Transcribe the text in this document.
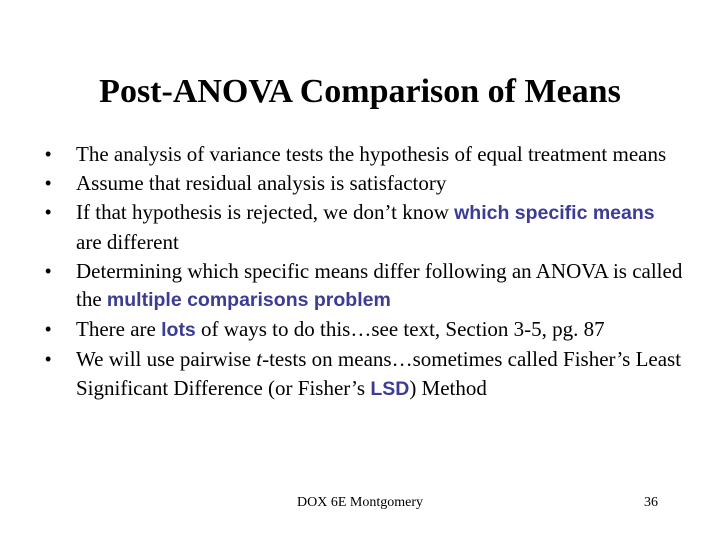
Post-ANOVA Comparison of Means
• The analysis of variance tests the hypothesis of equal treatment means
• Assume that residual analysis is satisfactory
• If that hypothesis is rejected, we don’t know which specific means are different
• Determining which specific means differ following an ANOVA is called the multiple comparisons problem
• There are lots of ways to do this…see text, Section 3-5, pg. 87
• We will use pairwise t-tests on means…sometimes called Fisher’s Least Significant Difference (or Fisher’s LSD) Method
DOX 6E Montgomery	36
